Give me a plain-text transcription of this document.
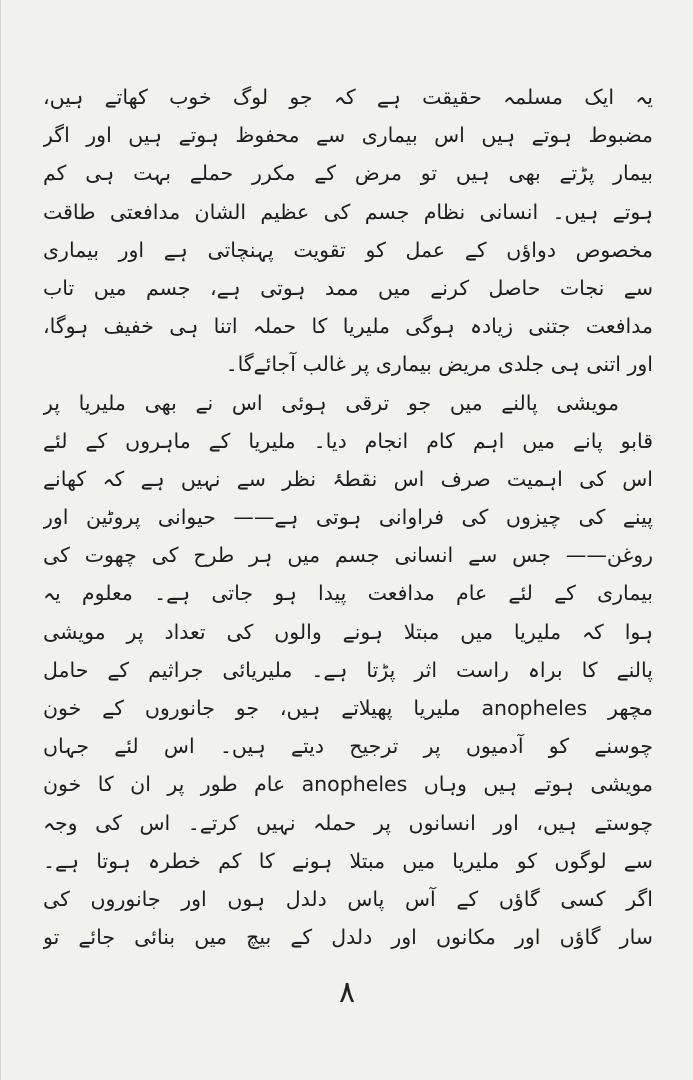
یہ ایک مسلمہ حقیقت ہے کہ جو لوگ خوب کھاتے ہیں،
مضبوط ہوتے ہیں اس بیماری سے محفوظ ہوتے ہیں اور اگر
بیمار پڑتے بھی ہیں تو مرض کے مکرر حملے بہت ہی کم
ہوتے ہیں۔ انسانی نظام جسم کی عظیم الشان مدافعتی طاقت
مخصوص دواؤں کے عمل کو تقویت پہنچاتی ہے اور بیماری
سے نجات حاصل کرنے میں ممد ہوتی ہے، جسم میں تاب
مدافعت جتنی زیادہ ہوگی ملیریا کا حملہ اتنا ہی خفیف ہوگا،
اور اتنی ہی جلدی مریض بیماری پر غالب آجائےگا۔
مویشی پالنے میں جو ترقی ہوئی اس نے بھی ملیریا پر
قابو پانے میں اہم کام انجام دیا۔ ملیریا کے ماہروں کے لئے
اس کی اہمیت صرف اس نقطۂ نظر سے نہیں ہے کہ کھانے
پینے کی چیزوں کی فراوانی ہوتی ہے—— حیوانی پروٹین اور
روغن—— جس سے انسانی جسم میں ہر طرح کی چھوت کی
بیماری کے لئے عام مدافعت پیدا ہو جاتی ہے۔ معلوم یہ
ہوا کہ ملیریا میں مبتلا ہونے والوں کی تعداد پر مویشی
پالنے کا براہ راست اثر پڑتا ہے۔ ملیریائی جراثیم کے حامل
مچھر anopheles ملیریا پھیلاتے ہیں، جو جانوروں کے خون
چوسنے کو آدمیوں پر ترجیح دیتے ہیں۔ اس لئے جہاں
مویشی ہوتے ہیں وہاں anopheles عام طور پر ان کا خون
چوستے ہیں، اور انسانوں پر حملہ نہیں کرتے۔ اس کی وجہ
سے لوگوں کو ملیریا میں مبتلا ہونے کا کم خطرہ ہوتا ہے۔
اگر کسی گاؤں کے آس پاس دلدل ہوں اور جانوروں کی
سار گاؤں اور مکانوں اور دلدل کے بیچ میں بنائی جائے تو
۸
